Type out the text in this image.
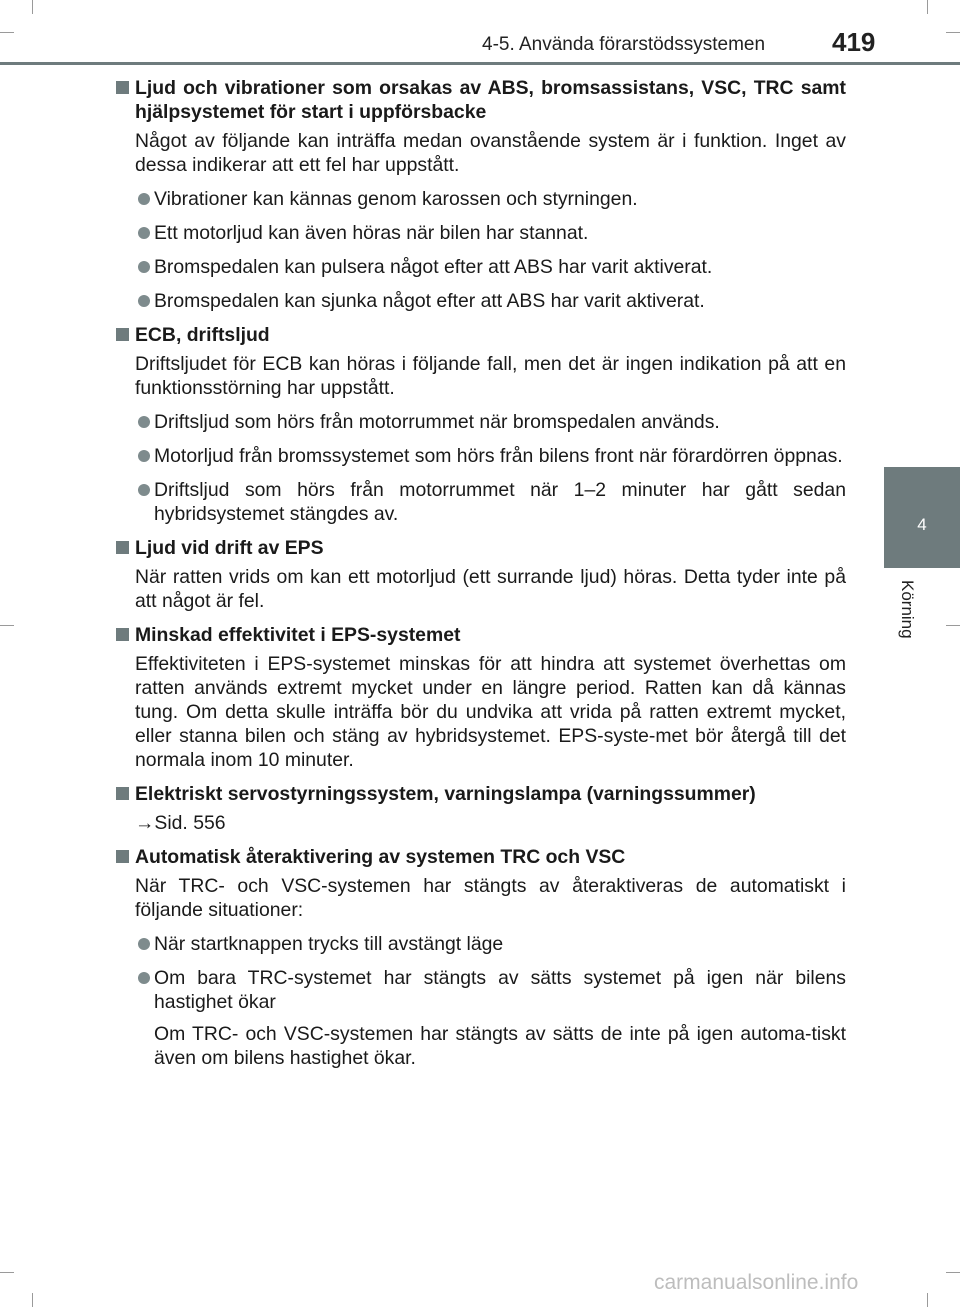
4-5. Använda förarstödssystemen	419
4
Körning
Ljud och vibrationer som orsakas av ABS, bromsassistans, VSC, TRC samt hjälpsystemet för start i uppförsbacke
Något av följande kan inträffa medan ovanstående system är i funktion. Inget av dessa indikerar att ett fel har uppstått.
Vibrationer kan kännas genom karossen och styrningen.
Ett motorljud kan även höras när bilen har stannat.
Bromspedalen kan pulsera något efter att ABS har varit aktiverat.
Bromspedalen kan sjunka något efter att ABS har varit aktiverat.
ECB, driftsljud
Driftsljudet för ECB kan höras i följande fall, men det är ingen indikation på att en funktionsstörning har uppstått.
Driftsljud som hörs från motorrummet när bromspedalen används.
Motorljud från bromssystemet som hörs från bilens front när förardörren öppnas.
Driftsljud som hörs från motorrummet när 1–2 minuter har gått sedan hybridsystemet stängdes av.
Ljud vid drift av EPS
När ratten vrids om kan ett motorljud (ett surrande ljud) höras. Detta tyder inte på att något är fel.
Minskad effektivitet i EPS-systemet
Effektiviteten i EPS-systemet minskas för att hindra att systemet överhettas om ratten används extremt mycket under en längre period. Ratten kan då kännas tung. Om detta skulle inträffa bör du undvika att vrida på ratten extremt mycket, eller stanna bilen och stäng av hybridsystemet. EPS-syste-met bör återgå till det normala inom 10 minuter.
Elektriskt servostyrningssystem, varningslampa (varningssummer)
→Sid. 556
Automatisk återaktivering av systemen TRC och VSC
När TRC- och VSC-systemen har stängts av återaktiveras de automatiskt i följande situationer:
När startknappen trycks till avstängt läge
Om bara TRC-systemet har stängts av sätts systemet på igen när bilens hastighet ökar
Om TRC- och VSC-systemen har stängts av sätts de inte på igen automa-tiskt även om bilens hastighet ökar.
carmanualsonline.info
